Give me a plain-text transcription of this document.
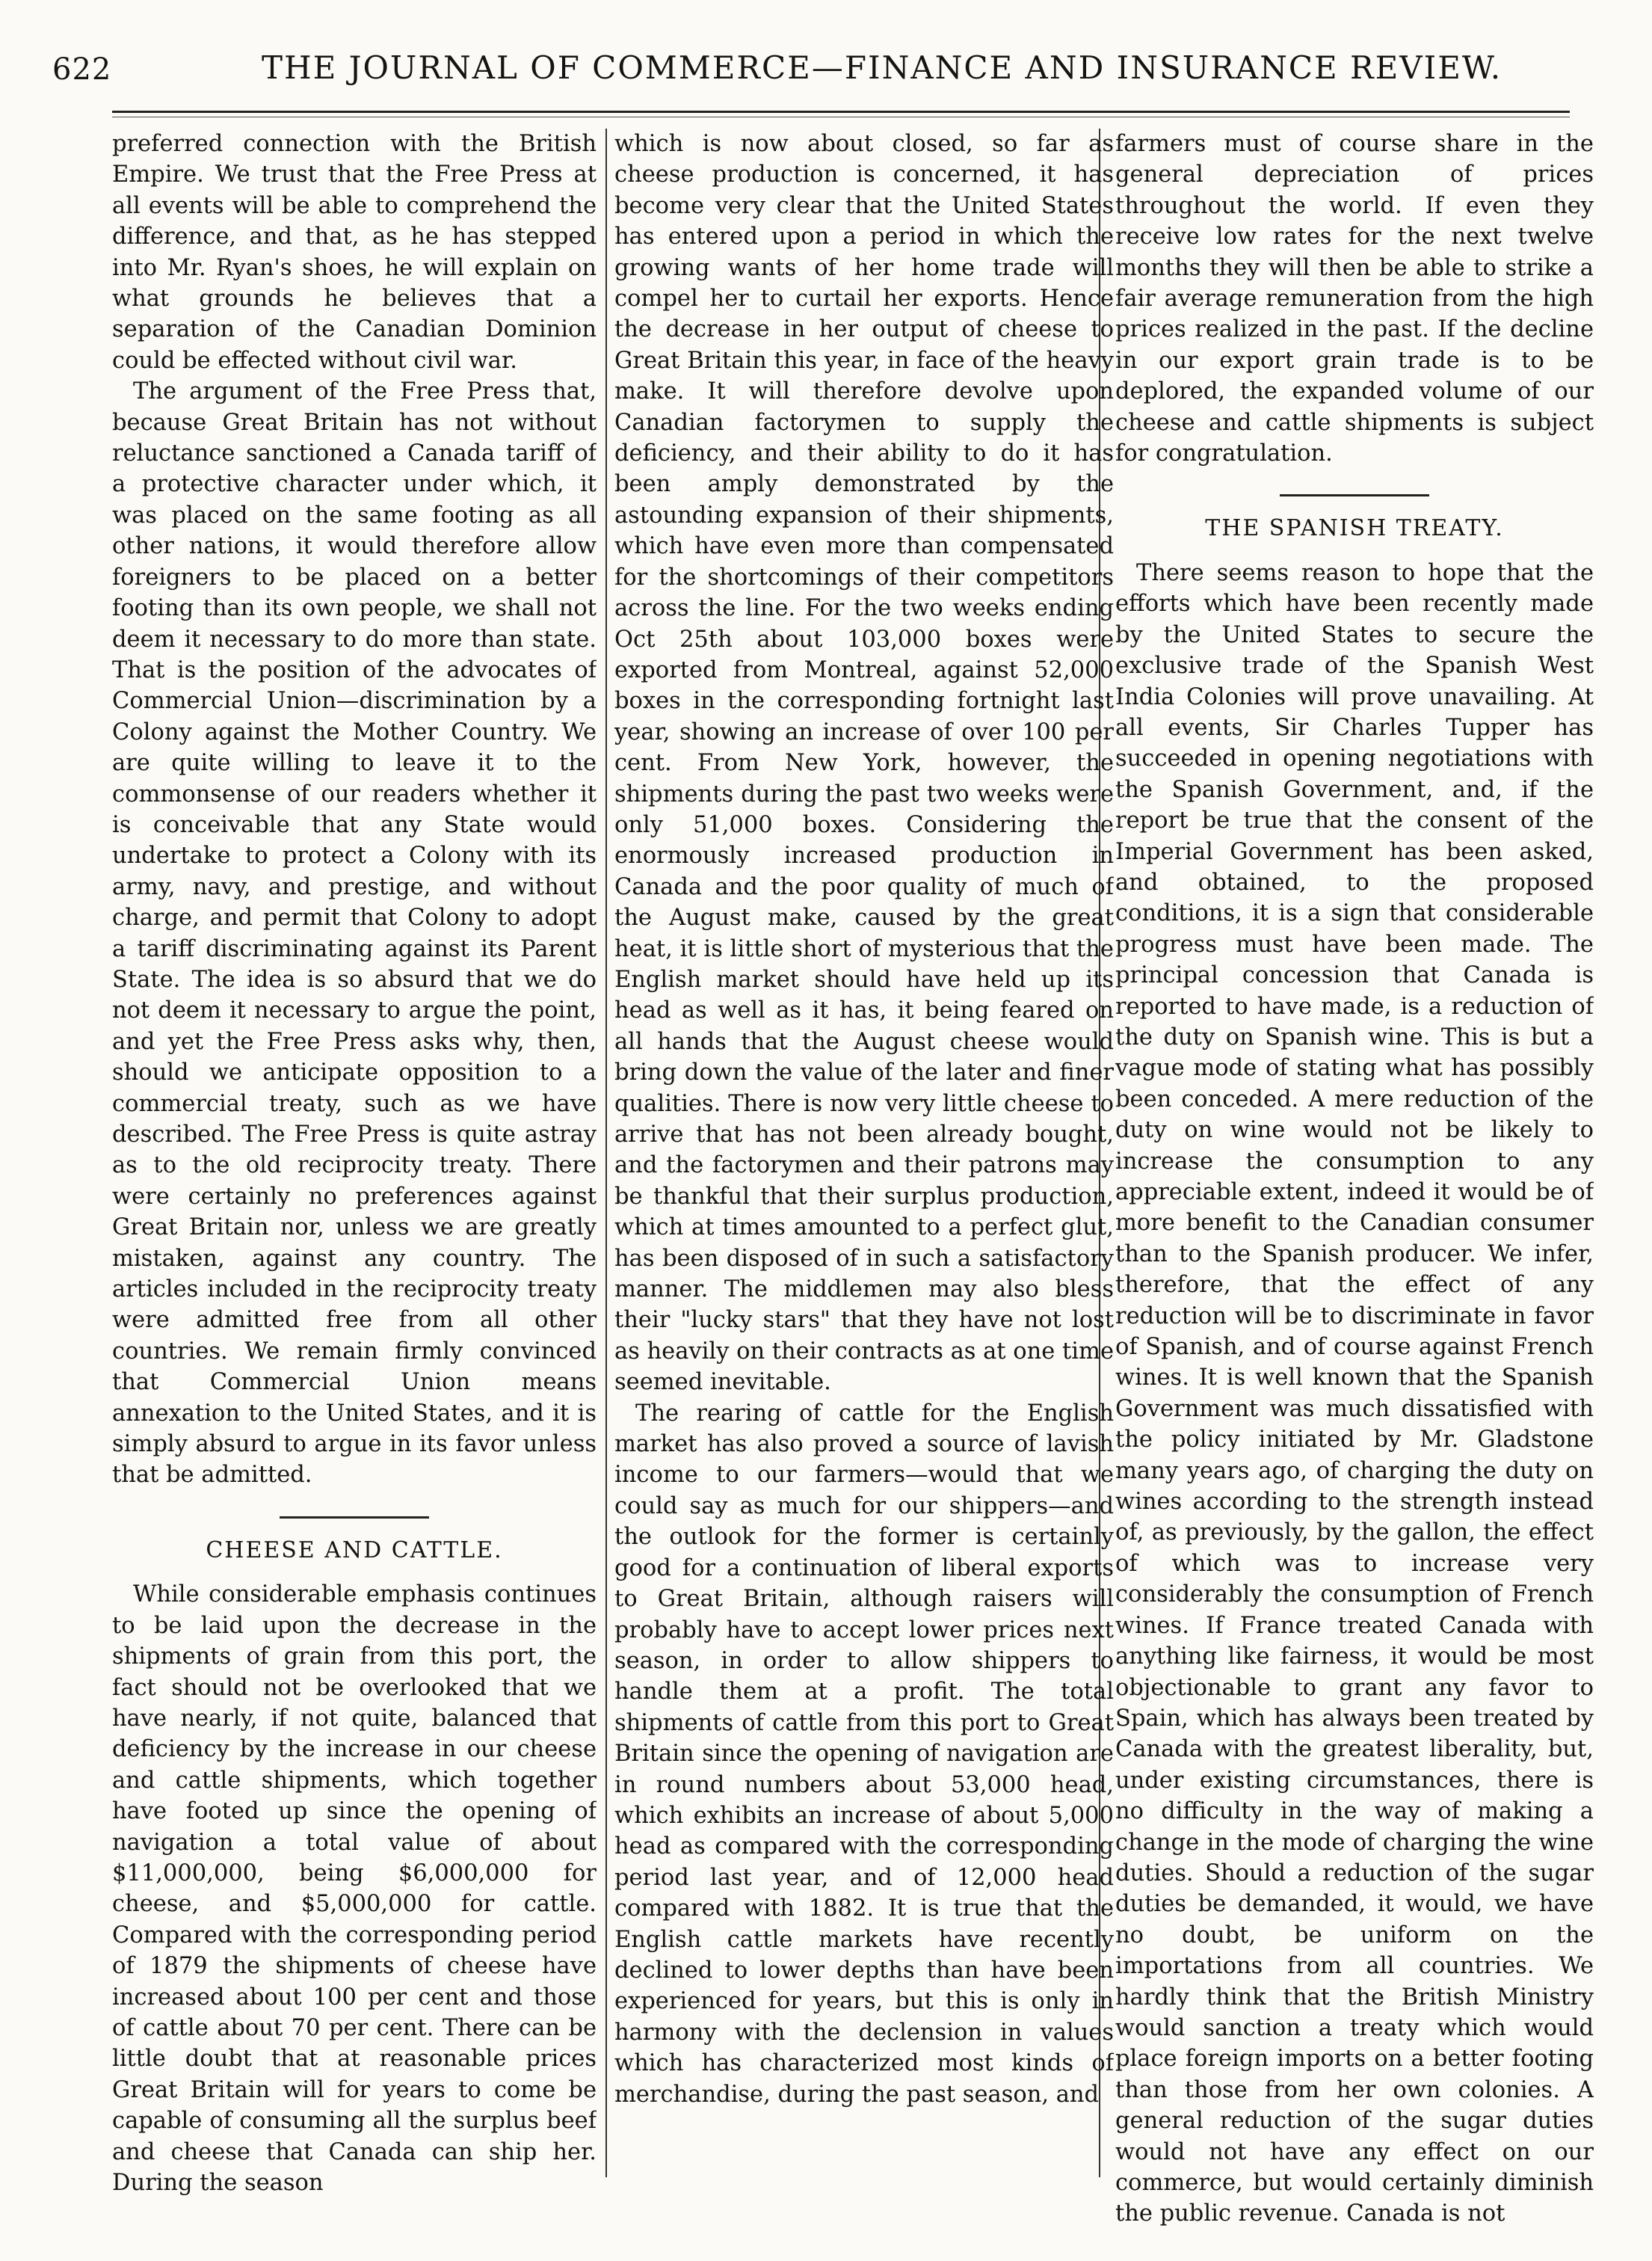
622	THE JOURNAL OF COMMERCE—FINANCE AND INSURANCE REVIEW.

preferred connection with the British Empire. We trust that the Free Press at all events will be able to comprehend the difference, and that, as he has stepped into Mr. Ryan's shoes, he will explain on what grounds he believes that a separation of the Canadian Dominion could be effected without civil war.

The argument of the Free Press that, because Great Britain has not without reluctance sanctioned a Canada tariff of a protective character under which, it was placed on the same footing as all other nations, it would therefore allow foreigners to be placed on a better footing than its own people, we shall not deem it necessary to do more than state. That is the position of the advocates of Commercial Union—discrimination by a Colony against the Mother Country. We are quite willing to leave it to the commonsense of our readers whether it is conceivable that any State would undertake to protect a Colony with its army, navy, and prestige, and without charge, and permit that Colony to adopt a tariff discriminating against its Parent State. The idea is so absurd that we do not deem it necessary to argue the point, and yet the Free Press asks why, then, should we anticipate opposition to a commercial treaty, such as we have described. The Free Press is quite astray as to the old reciprocity treaty. There were certainly no preferences against Great Britain nor, unless we are greatly mistaken, against any country. The articles included in the reciprocity treaty were admitted free from all other countries. We remain firmly convinced that Commercial Union means annexation to the United States, and it is simply absurd to argue in its favor unless that be admitted.

CHEESE AND CATTLE.

While considerable emphasis continues to be laid upon the decrease in the shipments of grain from this port, the fact should not be overlooked that we have nearly, if not quite, balanced that deficiency by the increase in our cheese and cattle shipments, which together have footed up since the opening of navigation a total value of about $11,000,000, being $6,000,000 for cheese, and $5,000,000 for cattle. Compared with the corresponding period of 1879 the shipments of cheese have increased about 100 per cent and those of cattle about 70 per cent. There can be little doubt that at reasonable prices Great Britain will for years to come be capable of consuming all the surplus beef and cheese that Canada can ship her. During the season

which is now about closed, so far as cheese production is concerned, it has become very clear that the United States has entered upon a period in which the growing wants of her home trade will compel her to curtail her exports. Hence the decrease in her output of cheese to Great Britain this year, in face of the heavy make. It will therefore devolve upon Canadian factorymen to supply the deficiency, and their ability to do it has been amply demonstrated by the astounding expansion of their shipments, which have even more than compensated for the shortcomings of their competitors across the line. For the two weeks ending Oct 25th about 103,000 boxes were exported from Montreal, against 52,000 boxes in the corresponding fortnight last year, showing an increase of over 100 per cent. From New York, however, the shipments during the past two weeks were only 51,000 boxes. Considering the enormously increased production in Canada and the poor quality of much of the August make, caused by the great heat, it is little short of mysterious that the English market should have held up its head as well as it has, it being feared on all hands that the August cheese would bring down the value of the later and finer qualities. There is now very little cheese to arrive that has not been already bought, and the factorymen and their patrons may be thankful that their surplus production, which at times amounted to a perfect glut, has been disposed of in such a satisfactory manner. The middlemen may also bless their "lucky stars" that they have not lost as heavily on their contracts as at one time seemed inevitable.

The rearing of cattle for the English market has also proved a source of lavish income to our farmers—would that we could say as much for our shippers—and the outlook for the former is certainly good for a continuation of liberal exports to Great Britain, although raisers will probably have to accept lower prices next season, in order to allow shippers to handle them at a profit. The total shipments of cattle from this port to Great Britain since the opening of navigation are in round numbers about 53,000 head, which exhibits an increase of about 5,000 head as compared with the corresponding period last year, and of 12,000 head compared with 1882. It is true that the English cattle markets have recently declined to lower depths than have been experienced for years, but this is only in harmony with the declension in values which has characterized most kinds of merchandise, during the past season, and

farmers must of course share in the general depreciation of prices throughout the world. If even they receive low rates for the next twelve months they will then be able to strike a fair average remuneration from the high prices realized in the past. If the decline in our export grain trade is to be deplored, the expanded volume of our cheese and cattle shipments is subject for congratulation.

THE SPANISH TREATY.

There seems reason to hope that the efforts which have been recently made by the United States to secure the exclusive trade of the Spanish West India Colonies will prove unavailing. At all events, Sir Charles Tupper has succeeded in opening negotiations with the Spanish Government, and, if the report be true that the consent of the Imperial Government has been asked, and obtained, to the proposed conditions, it is a sign that considerable progress must have been made. The principal concession that Canada is reported to have made, is a reduction of the duty on Spanish wine. This is but a vague mode of stating what has possibly been conceded. A mere reduction of the duty on wine would not be likely to increase the consumption to any appreciable extent, indeed it would be of more benefit to the Canadian consumer than to the Spanish producer. We infer, therefore, that the effect of any reduction will be to discriminate in favor of Spanish, and of course against French wines. It is well known that the Spanish Government was much dissatisfied with the policy initiated by Mr. Gladstone many years ago, of charging the duty on wines according to the strength instead of, as previously, by the gallon, the effect of which was to increase very considerably the consumption of French wines. If France treated Canada with anything like fairness, it would be most objectionable to grant any favor to Spain, which has always been treated by Canada with the greatest liberality, but, under existing circumstances, there is no difficulty in the way of making a change in the mode of charging the wine duties. Should a reduction of the sugar duties be demanded, it would, we have no doubt, be uniform on the importations from all countries. We hardly think that the British Ministry would sanction a treaty which would place foreign imports on a better footing than those from her own colonies. A general reduction of the sugar duties would not have any effect on our commerce, but would certainly diminish the public revenue. Canada is not
